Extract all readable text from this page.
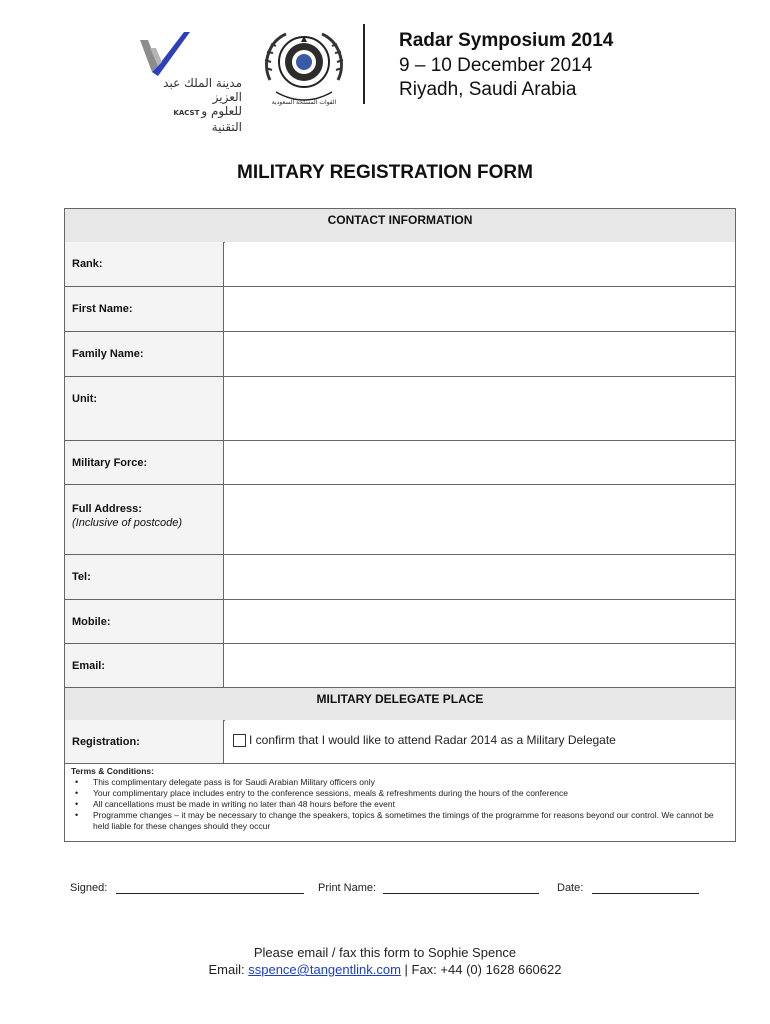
مدينة الملك عبد العزيز
KACST للعلوم و التقنية
القوات المسلحة السعودية
Radar Symposium 2014
9 – 10 December 2014
Riyadh, Saudi Arabia
MILITARY REGISTRATION FORM
CONTACT INFORMATION
Rank:
First Name:
Family Name:
Unit:
Military Force:
Full Address:
(Inclusive of postcode)
Tel:
Mobile:
Email:
MILITARY DELEGATE PLACE
Registration:	I confirm that I would like to attend Radar 2014 as a Military Delegate
Terms & Conditions:
• This complimentary delegate pass is for Saudi Arabian Military officers only
• Your complimentary place includes entry to the conference sessions, meals & refreshments during the hours of the conference
• All cancellations must be made in writing no later than 48 hours before the event
• Programme changes – it may be necessary to change the speakers, topics & sometimes the timings of the programme for reasons beyond our control. We cannot be held liable for these changes should they occur
Signed:	Print Name:	Date:
Please email / fax this form to Sophie Spence
Email: sspence@tangentlink.com | Fax: +44 (0) 1628 660622
